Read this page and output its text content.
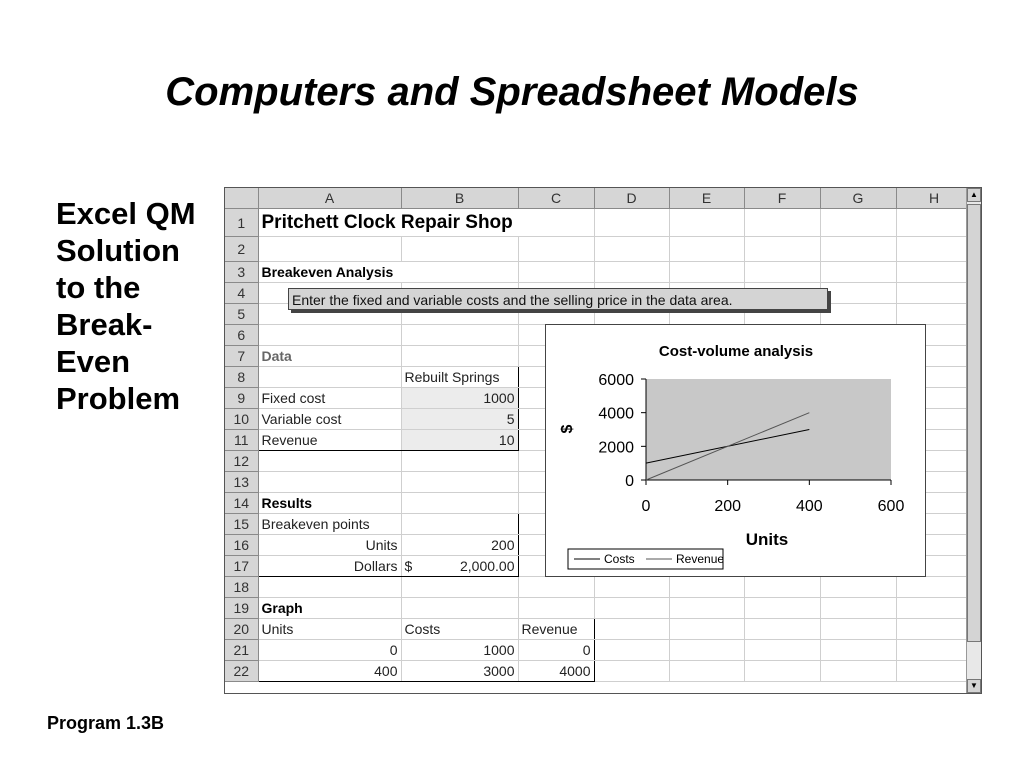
Computers and Spreadsheet Models
Excel QM
Solution
to the
Break-
Even
Problem
Program 1.3B
	A	B	C	D	E	F	G	H
1	Pritchett Clock Repair Shop							
2								
3	Breakeven Analysis							
4								
5								
6								
7	Data							
8		Rebuilt Springs						
9	Fixed cost	1000						
10	Variable cost	5						
11	Revenue	10						
12								
13								
14	Results							
15	Breakeven points							
16	Units	200						
17	Dollars	$ 2,000.00						

18								
19	Graph							
20	Units	Costs	Revenue					
21	0	1000	0					
22	400	3000	4000					
▲
▼
Enter the fixed and variable costs and the selling price in the data area.
Cost-volume analysis
0
2000
4000
6000
0	200	400	600
Units
$
Costs	Revenue
